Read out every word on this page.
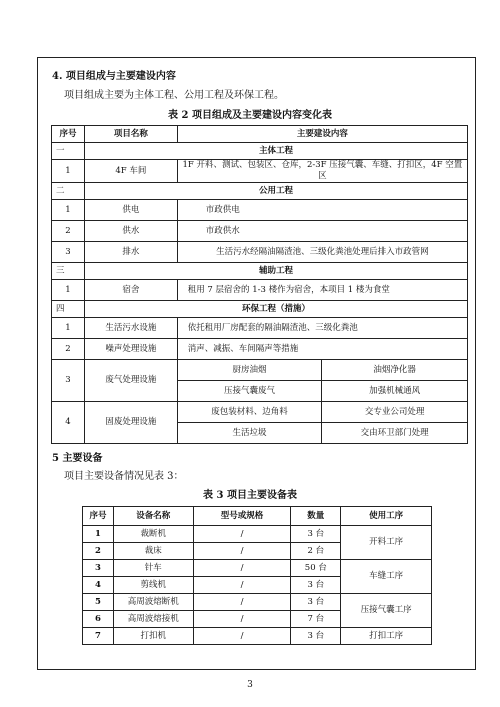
4. 项目组成与主要建设内容
项目组成主要为主体工程、公用工程及环保工程。
表 2 项目组成及主要建设内容变化表
序号	项目名称	主要建设内容	
一	主体工程		
1	4F 车间	1F 开料、测试、包装区、仓库，2-3F 压接气囊、车缝、打扣区，4F 空置区	
二	公用工程		
1	供电	市政供电	
2	供水	市政供水	
3	排水	生活污水经隔油隔渣池、三级化粪池处理后排入市政管网	
三	辅助工程		
1	宿舍	租用 7 层宿舍的 1-3 楼作为宿舍，本项目 1 楼为食堂	
四	环保工程（措施）		
1	生活污水设施	依托租用厂房配套的隔油隔渣池、三级化粪池	
2	噪声处理设施	消声、减振、车间隔声等措施	
3	废气处理设施	厨房油烟	油烟净化器
		压接气囊废气	加强机械通风
4	固废处理设施	废包装材料、边角料	交专业公司处理
		生活垃圾	交由环卫部门处理
5 主要设备
项目主要设备情况见表 3：
表 3 项目主要设备表
序号	设备名称	型号或规格	数量	使用工序
1	裁断机	/	3 台	开料工序
2	裁床	/	2 台	
3	针车	/	50 台	车缝工序
4	剪线机	/	3 台	
5	高周波熔断机	/	3 台	压接气囊工序
6	高周波熔接机	/	7 台	
7	打扣机	/	3 台	打扣工序
3
